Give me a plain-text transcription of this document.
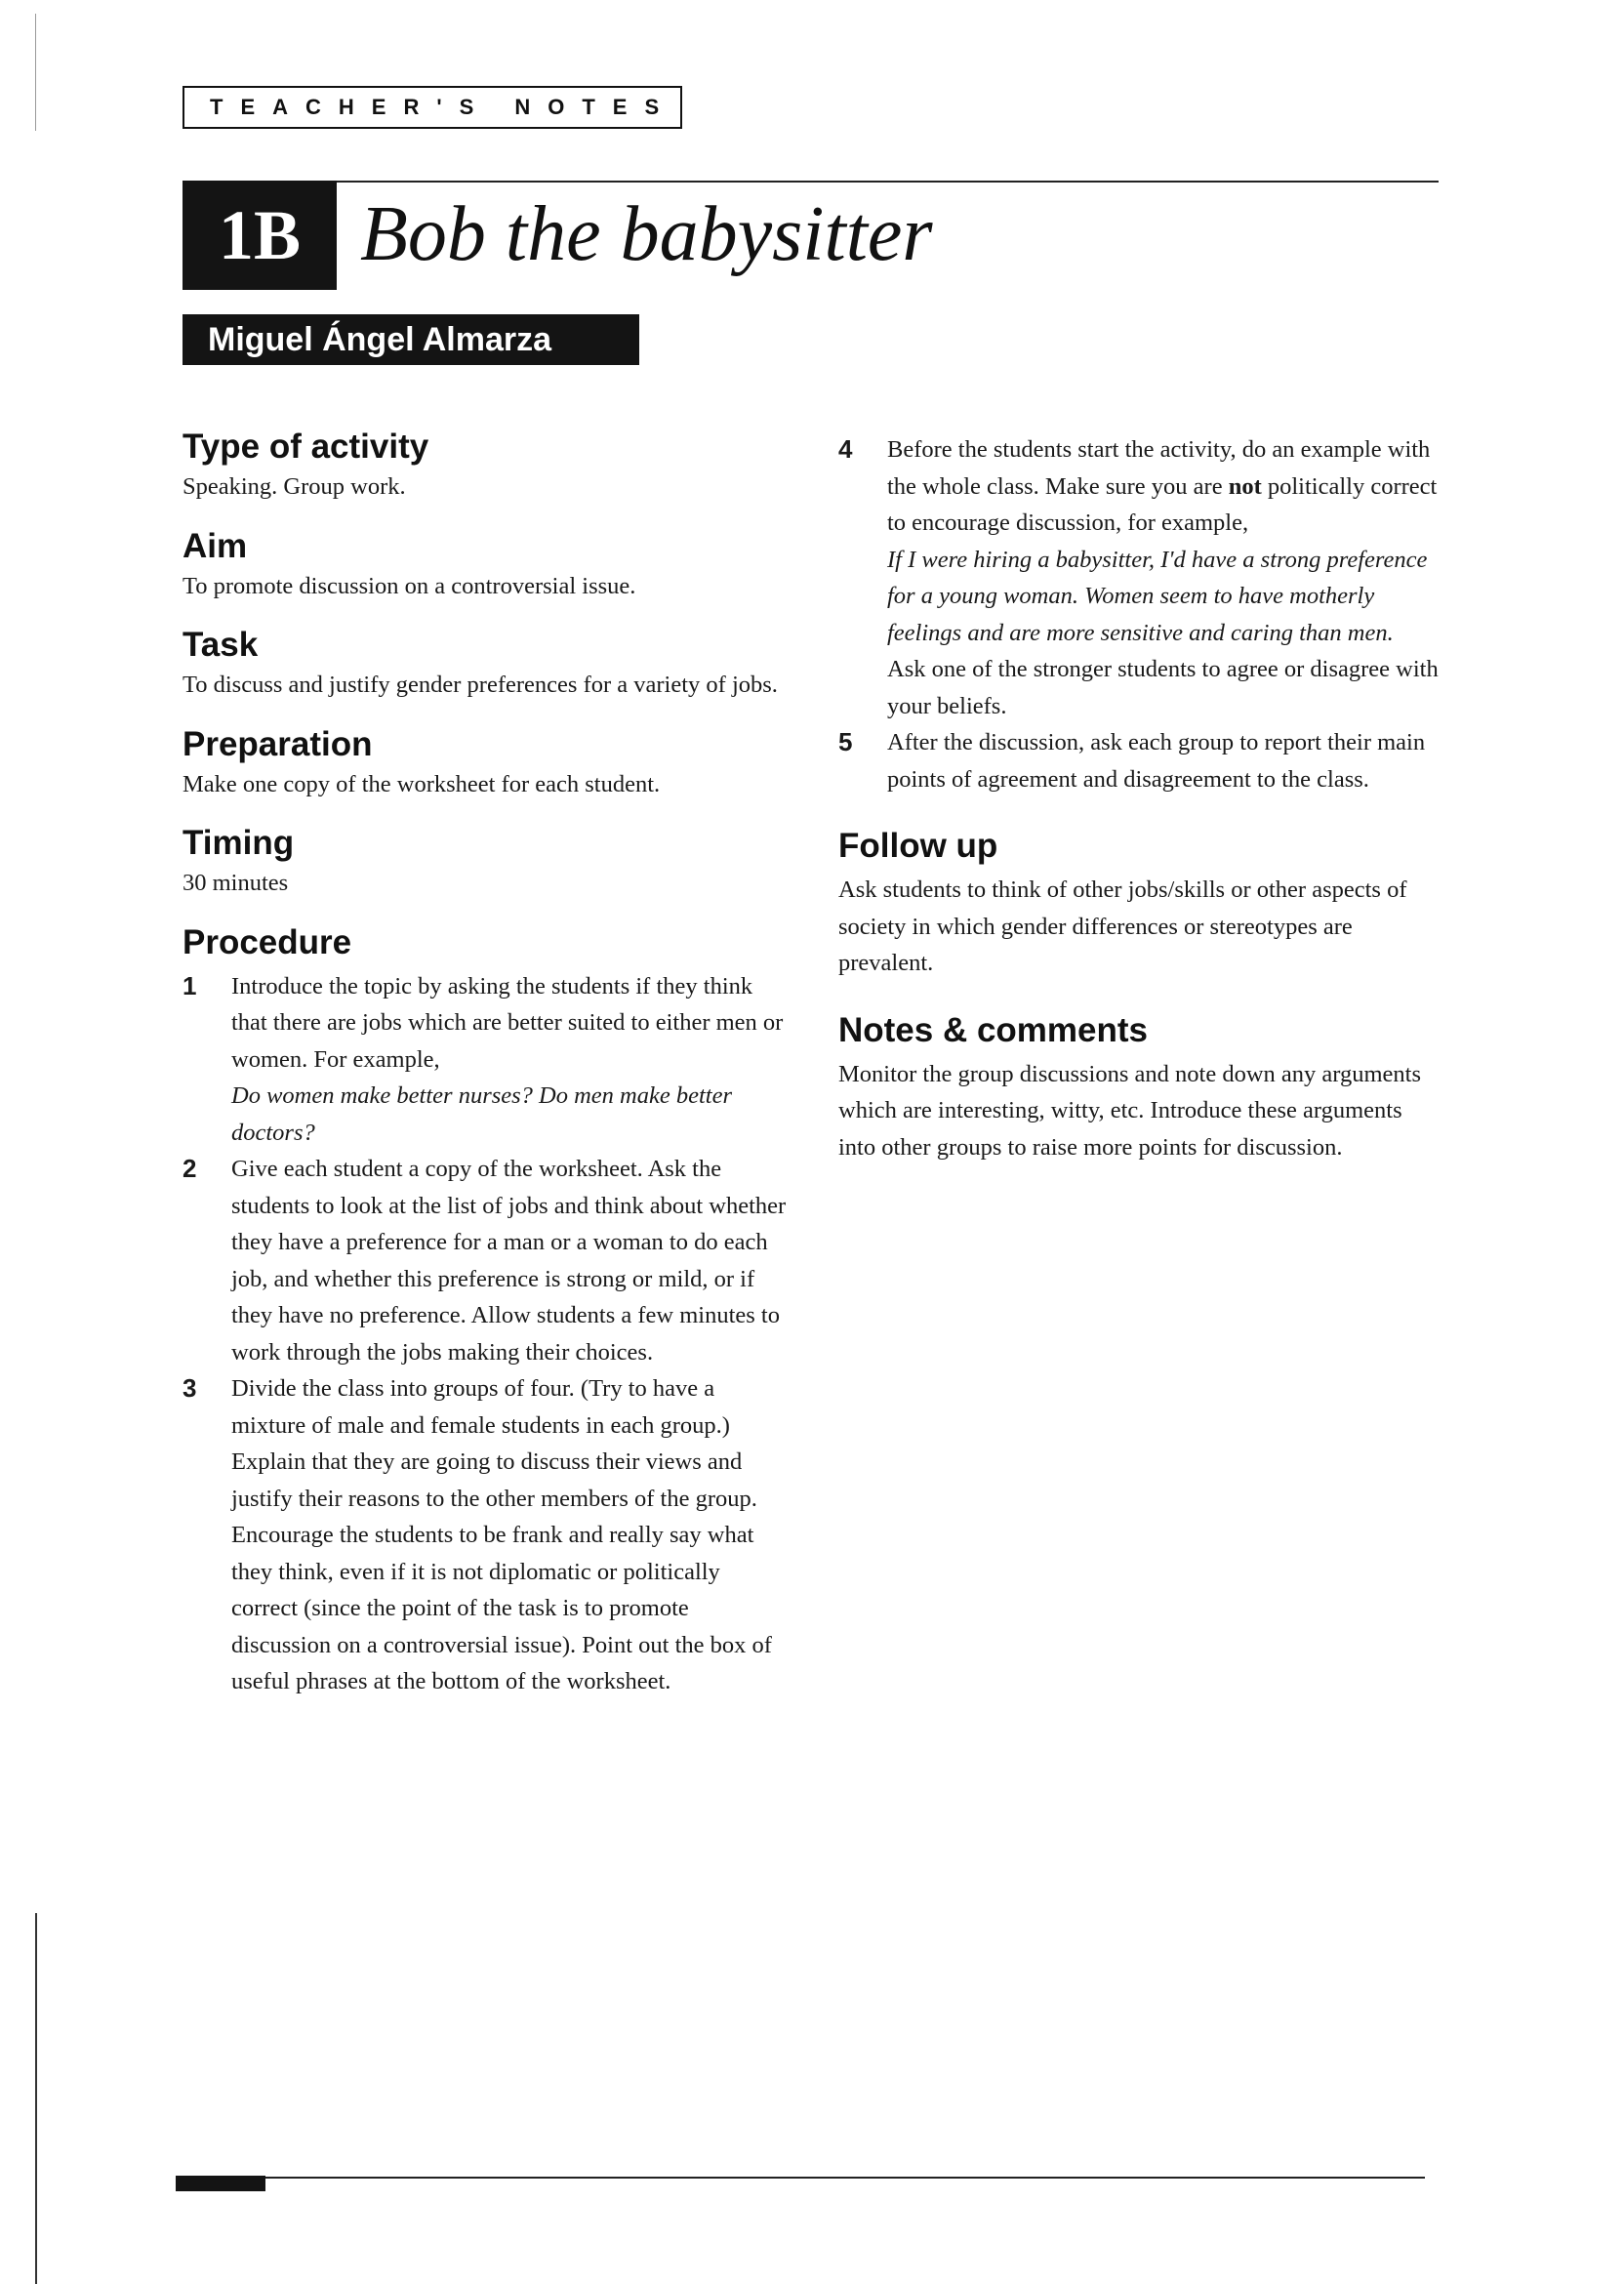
TEACHER'S NOTES
1B Bob the babysitter
Miguel Ángel Almarza
Type of activity

Speaking. Group work.

Aim

To promote discussion on a controversial issue.

Task

To discuss and justify gender preferences for a variety of jobs.

Preparation

Make one copy of the worksheet for each student.

Timing

30 minutes

Procedure
1	Introduce the topic by asking the students if they think that there are jobs which are better suited to either men or women. For example,
Do women make better nurses? Do men make better doctors?
2	Give each student a copy of the worksheet. Ask the students to look at the list of jobs and think about whether they have a preference for a man or a woman to do each job, and whether this preference is strong or mild, or if they have no preference. Allow students a few minutes to work through the jobs making their choices.
3	Divide the class into groups of four. (Try to have a mixture of male and female students in each group.) Explain that they are going to discuss their views and justify their reasons to the other members of the group. Encourage the students to be frank and really say what they think, even if it is not diplomatic or politically correct (since the point of the task is to promote discussion on a controversial issue). Point out the box of useful phrases at the bottom of the worksheet.
4	Before the students start the activity, do an example with the whole class. Make sure you are not politically correct to encourage discussion, for example,
If I were hiring a babysitter, I'd have a strong preference for a young woman. Women seem to have motherly feelings and are more sensitive and caring than men.
Ask one of the stronger students to agree or disagree with your beliefs.
5	After the discussion, ask each group to report their main points of agreement and disagreement to the class.
Follow up

Ask students to think of other jobs/skills or other aspects of society in which gender differences or stereotypes are prevalent.

Notes & comments

Monitor the group discussions and note down any arguments which are interesting, witty, etc. Introduce these arguments into other groups to raise more points for discussion.
